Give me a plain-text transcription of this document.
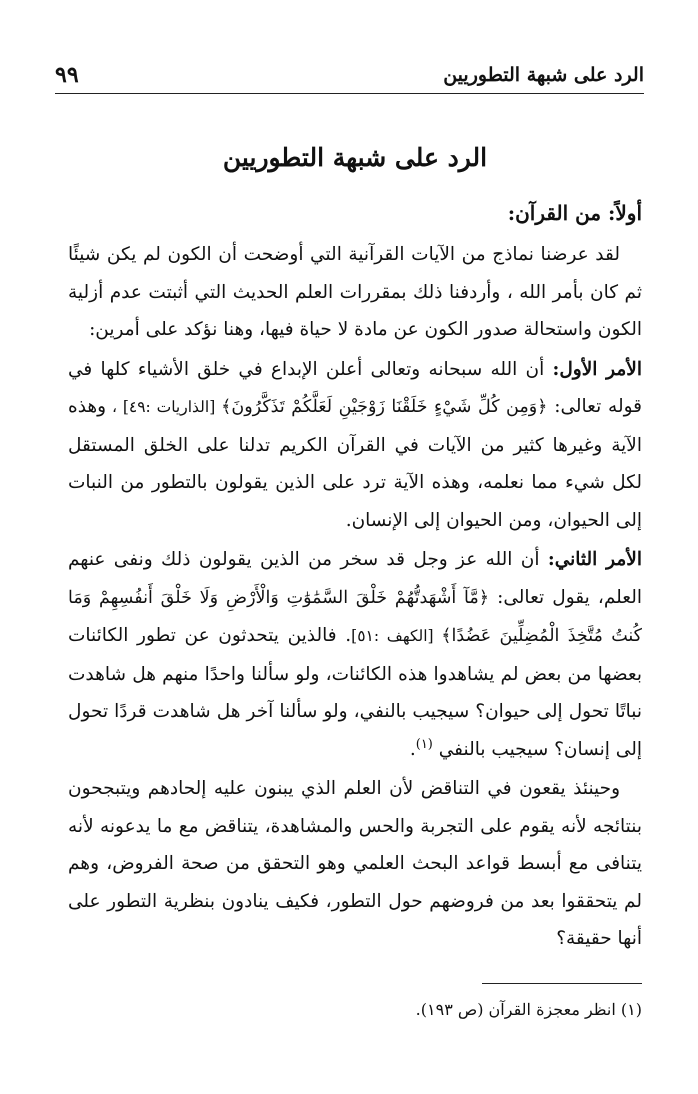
الرد على شبهة التطوريين
٩٩
الرد على شبهة التطوريين
أولاً: من القرآن:

لقد عرضنا نماذج من الآيات القرآنية التي أوضحت أن الكون لم يكن شيئًا ثم كان بأمر الله ، وأردفنا ذلك بمقررات العلم الحديث التي أثبتت عدم أزلية الكون واستحالة صدور الكون عن مادة لا حياة فيها، وهنا نؤكد على أمرين:

الأمر الأول: أن الله سبحانه وتعالى أعلن الإبداع في خلق الأشياء كلها في قوله تعالى: ﴿وَمِن كُلِّ شَيْءٍ خَلَقْنَا زَوْجَيْنِ لَعَلَّكُمْ تَذَكَّرُونَ﴾ [الذاريات :٤٩] ، وهذه الآية وغيرها كثير من الآيات في القرآن الكريم تدلنا على الخلق المستقل لكل شيء مما نعلمه، وهذه الآية ترد على الذين يقولون بالتطور من النبات إلى الحيوان، ومن الحيوان إلى الإنسان.

الأمر الثاني: أن الله عز وجل قد سخر من الذين يقولون ذلك ونفى عنهم العلم، يقول تعالى: ﴿مَّآ أَشْهَدتُّهُمْ خَلْقَ السَّمَٰوَٰتِ وَالْأَرْضِ وَلَا خَلْقَ أَنفُسِهِمْ وَمَا كُنتُ مُتَّخِذَ الْمُضِلِّينَ عَضُدًا﴾ [الكهف :٥١]. فالذين يتحدثون عن تطور الكائنات بعضها من بعض لم يشاهدوا هذه الكائنات، ولو سألنا واحدًا منهم هل شاهدت نباتًا تحول إلى حيوان؟ سيجيب بالنفي، ولو سألنا آخر هل شاهدت قردًا تحول إلى إنسان؟ سيجيب بالنفي $^{(١)}$.

وحينئذ يقعون في التناقض لأن العلم الذي يبنون عليه إلحادهم ويتبجحون بنتائجه لأنه يقوم على التجربة والحس والمشاهدة، يتناقض مع ما يدعونه لأنه يتنافى مع أبسط قواعد البحث العلمي وهو التحقق من صحة الفروض، وهم لم يتحققوا بعد من فروضهم حول التطور، فكيف ينادون بنظرية التطور على أنها حقيقة؟

(١) انظر معجزة القرآن (ص ١٩٣).
